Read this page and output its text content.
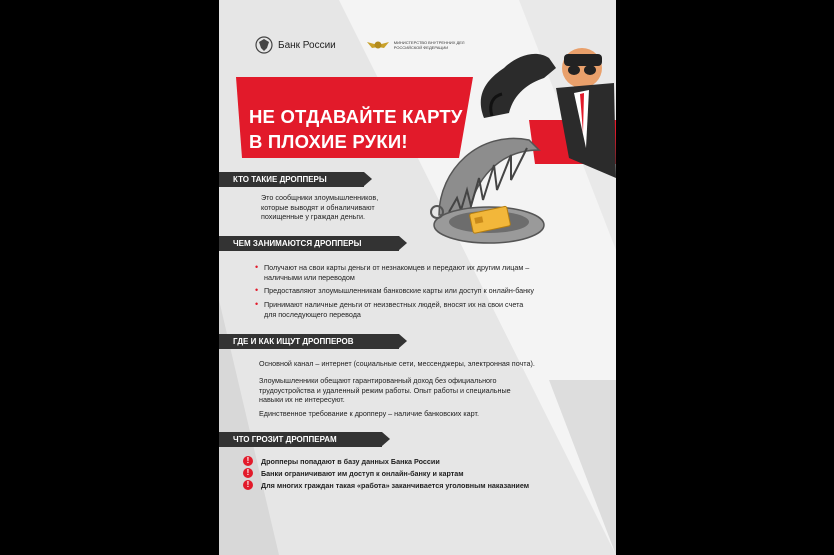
Банк России	МИНИСТЕРСТВО ВНУТРЕННИХ ДЕЛ РОССИЙСКОЙ ФЕДЕРАЦИИ
НЕ ОТДАВАЙТЕ КАРТУ
В ПЛОХИЕ РУКИ!
КТО ТАКИЕ ДРОППЕРЫ
Это сообщники злоумышленников,
которые выводят и обналичивают
похищенные у граждан деньги.
ЧЕМ ЗАНИМАЮТСЯ ДРОППЕРЫ
• Получают на свои карты деньги от незнакомцев и передают их другим лицам –
наличными или переводом
• Предоставляют злоумышленникам банковские карты или доступ к онлайн-банку
• Принимают наличные деньги от неизвестных людей, вносят их на свои счета
для последующего перевода
ГДЕ И КАК ИЩУТ ДРОППЕРОВ
Основной канал – интернет (социальные сети, мессенджеры, электронная почта).
Злоумышленники обещают гарантированный доход без официального
трудоустройства и удаленный режим работы. Опыт работы и специальные
навыки их не интересуют.
Единственное требование к дропперу – наличие банковских карт.
ЧТО ГРОЗИТ ДРОППЕРАМ
!	Дропперы попадают в базу данных Банка России
!	Банки ограничивают им доступ к онлайн-банку и картам
!	Для многих граждан такая «работа» заканчивается уголовным наказанием
